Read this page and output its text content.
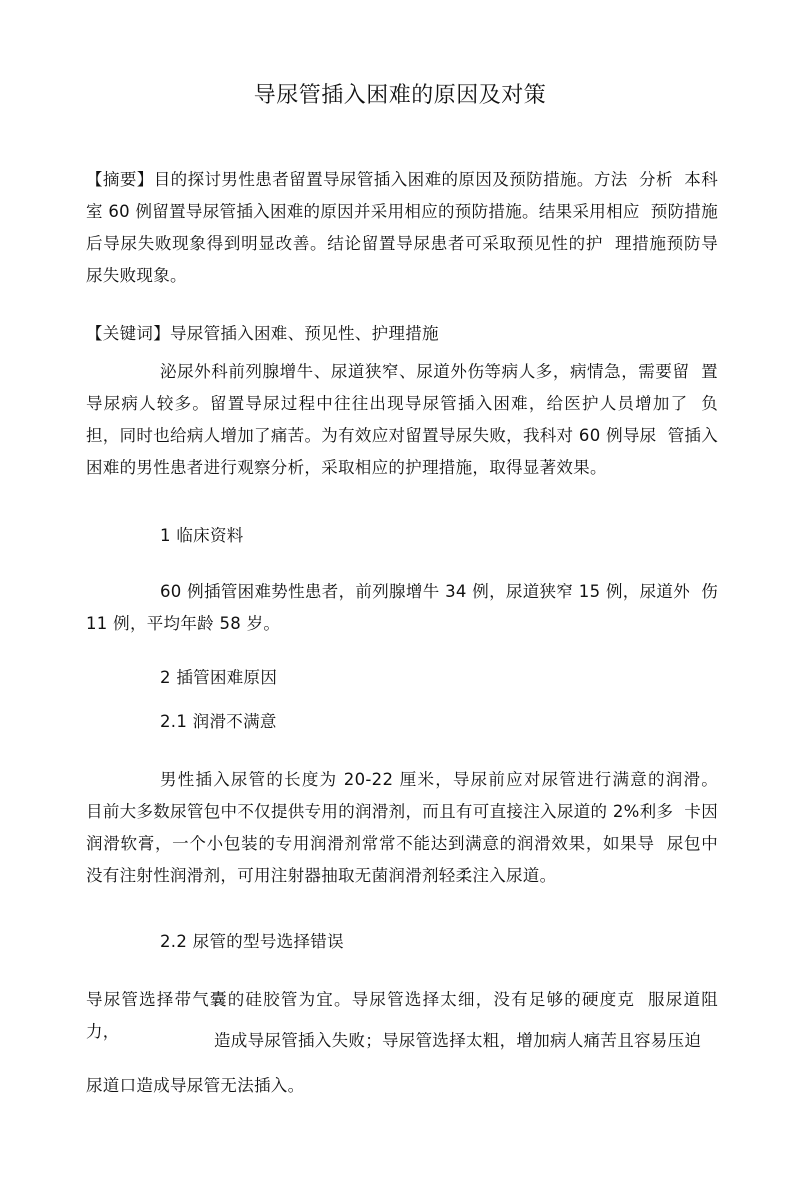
导尿管插入困难的原因及对策
【摘要】目的探讨男性患者留置导尿管插入困难的原因及预防措施。方法  分析  本科室 60 例留置导尿管插入困难的原因并采用相应的预防措施。结果采用相应  预防措施后导尿失败现象得到明显改善。结论留置导尿患者可采取预见性的护  理措施预防导尿失败现象。
【关键词】导尿管插入困难、预见性、护理措施
泌尿外科前列腺增牛、尿道狭窄、尿道外伤等病人多，病情急，需要留  置导尿病人较多。留置导尿过程中往往出现导尿管插入困难，给医护人员增加了  负担，同时也给病人增加了痛苦。为有效应对留置导尿失败，我科对 60 例导尿  管插入困难的男性患者进行观察分析，采取相应的护理措施，取得显著效果。
1 临床资料
60 例插管困难势性患者，前列腺增牛 34 例，尿道狭窄 15 例，尿道外  伤 11 例，平均年龄 58 岁。
2 插管困难原因
2.1 润滑不满意
男性插入尿管的长度为 20-22 厘米，导尿前应对尿管进行满意的润滑。  目前大多数尿管包中不仅提供专用的润滑剂，而且有可直接注入尿道的 2%利多  卡因润滑软膏，一个小包装的专用润滑剂常常不能达到满意的润滑效果，如果导  尿包中没有注射性润滑剂，可用注射器抽取无菌润滑剂轻柔注入尿道。
2.2 尿管的型号选择错误
导尿管选择带气囊的硅胶管为宜。导尿管选择太细，没有足够的硬度克  服尿道阻力，	造成导尿管插入失败；导尿管选择太粗，增加病人痛苦且容易压迫
尿道口造成导尿管无法插入。
